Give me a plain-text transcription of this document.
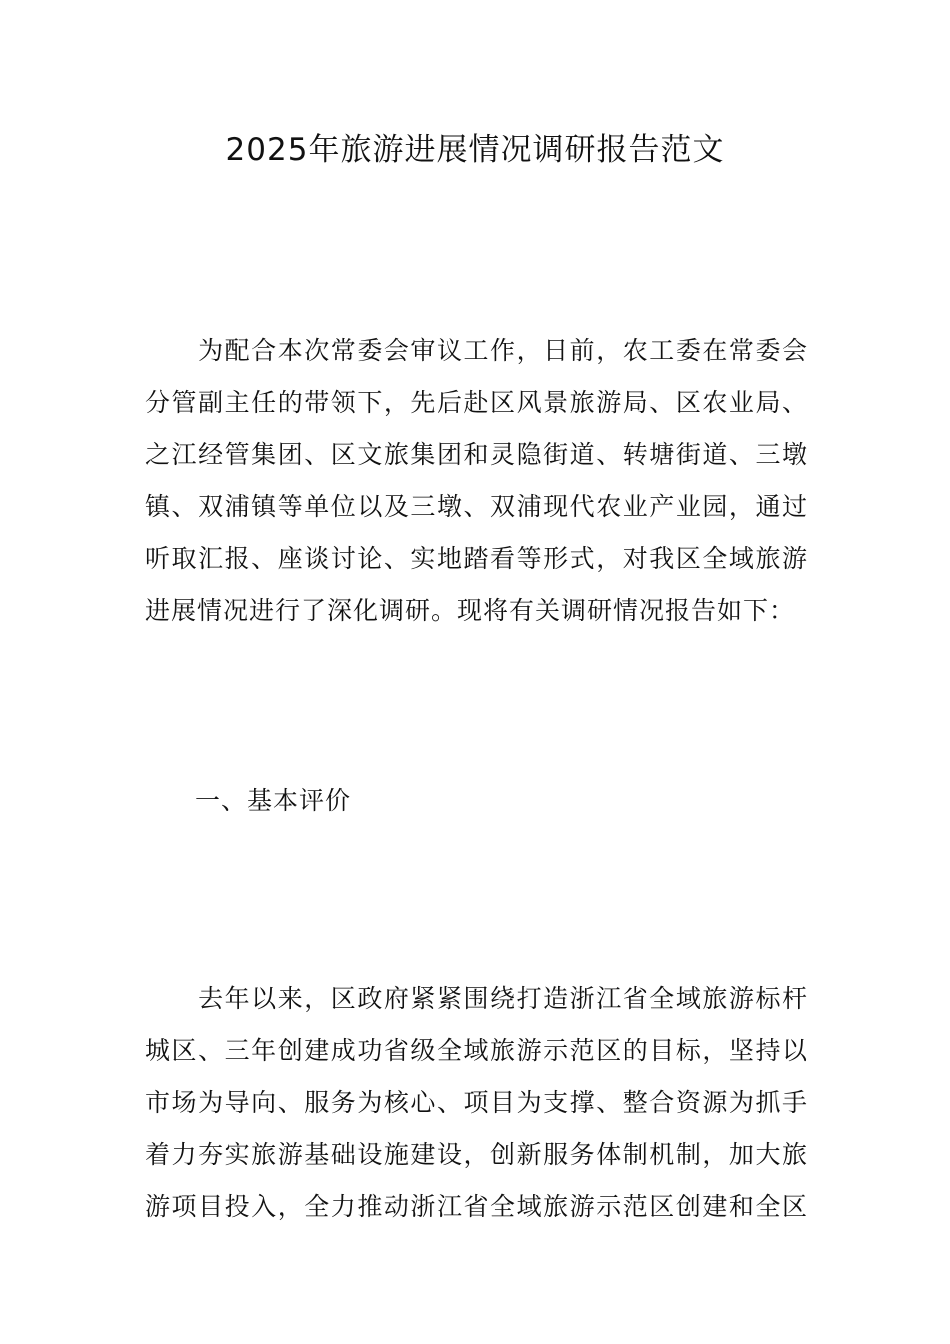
2025年旅游进展情况调研报告范文
　　为配合本次常委会审议工作，日前，农工委在常委会
分管副主任的带领下，先后赴区风景旅游局、区农业局、
之江经管集团、区文旅集团和灵隐街道、转塘街道、三墩
镇、双浦镇等单位以及三墩、双浦现代农业产业园，通过
听取汇报、座谈讨论、实地踏看等形式，对我区全域旅游
进展情况进行了深化调研。现将有关调研情况报告如下：
一、基本评价
　　去年以来，区政府紧紧围绕打造浙江省全域旅游标杆
城区、三年创建成功省级全域旅游示范区的目标，坚持以
市场为导向、服务为核心、项目为支撑、整合资源为抓手
着力夯实旅游基础设施建设，创新服务体制机制，加大旅
游项目投入，全力推动浙江省全域旅游示范区创建和全区
